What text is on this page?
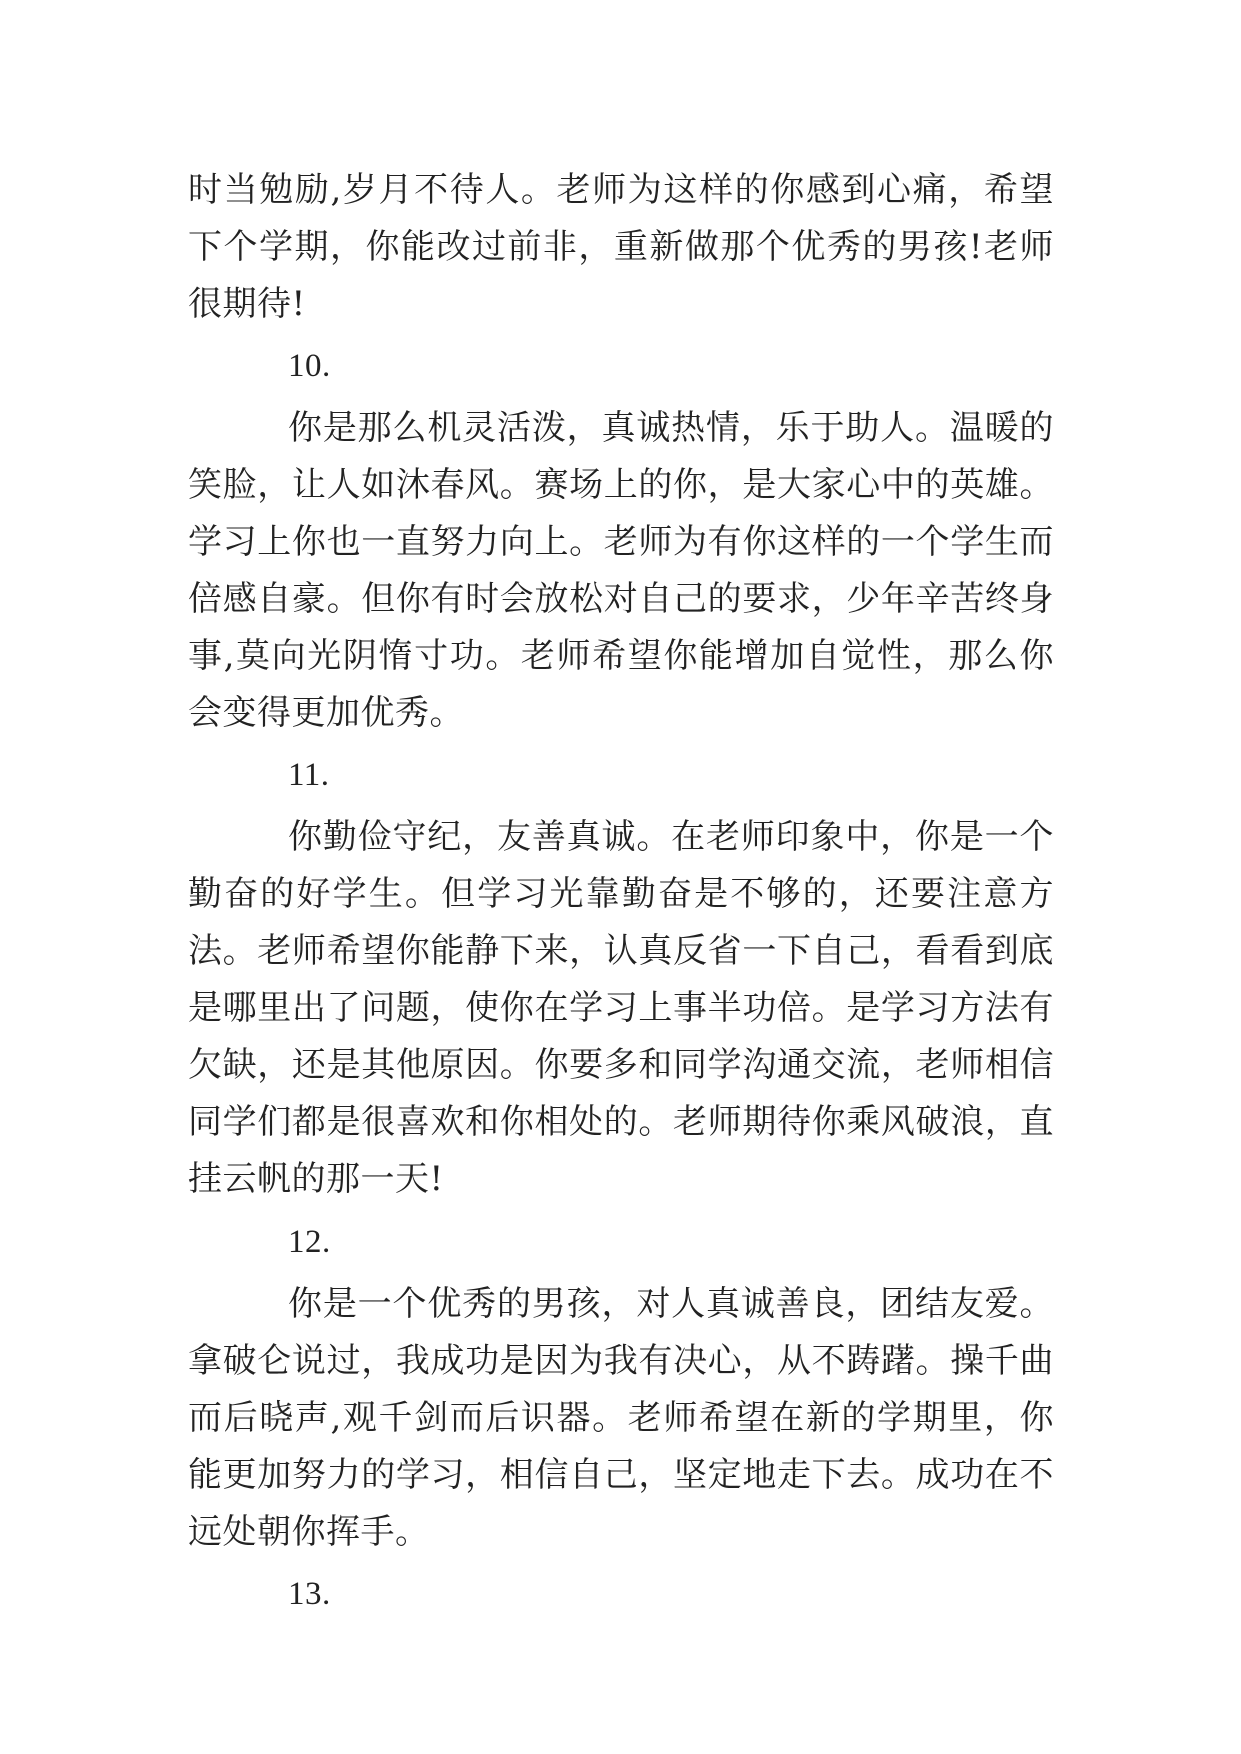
时当勉励,岁月不待人。老师为这样的你感到心痛，希望下个学期，你能改过前非，重新做那个优秀的男孩!老师很期待!

10.

你是那么机灵活泼，真诚热情，乐于助人。温暖的笑脸，让人如沐春风。赛场上的你，是大家心中的英雄。学习上你也一直努力向上。老师为有你这样的一个学生而倍感自豪。但你有时会放松对自己的要求，少年辛苦终身事,莫向光阴惰寸功。老师希望你能增加自觉性，那么你会变得更加优秀。

11.

你勤俭守纪，友善真诚。在老师印象中，你是一个勤奋的好学生。但学习光靠勤奋是不够的，还要注意方法。老师希望你能静下来，认真反省一下自己，看看到底是哪里出了问题，使你在学习上事半功倍。是学习方法有欠缺，还是其他原因。你要多和同学沟通交流，老师相信同学们都是很喜欢和你相处的。老师期待你乘风破浪，直挂云帆的那一天!

12.

你是一个优秀的男孩，对人真诚善良，团结友爱。拿破仑说过，我成功是因为我有决心，从不踌躇。操千曲而后晓声,观千剑而后识器。老师希望在新的学期里，你能更加努力的学习，相信自己，坚定地走下去。成功在不远处朝你挥手。

13.
